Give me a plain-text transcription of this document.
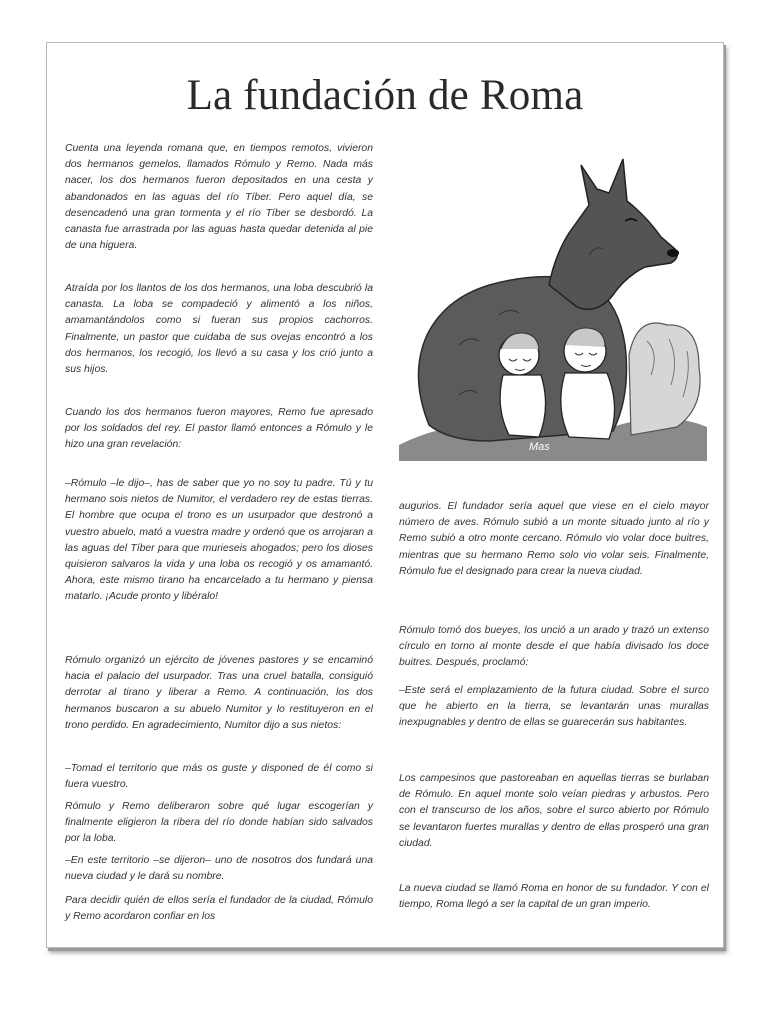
La fundación de Roma

Cuenta una leyenda romana que, en tiempos remotos, vivieron dos hermanos gemelos, llamados Rómulo y Remo. Nada más nacer, los dos hermanos fueron depositados en una cesta y abandonados en las aguas del río Tíber. Pero aquel día, se desencadenó una gran tormenta y el río Tíber se desbordó. La canasta fue arrastrada por las aguas hasta quedar detenida al pie de una higuera.

Atraída por los llantos de los dos hermanos, una loba descubrió la canasta. La loba se compadeció y alimentó a los niños, amamantándolos como si fueran sus propios cachorros. Finalmente, un pastor que cuidaba de sus ovejas encontró a los dos hermanos, los recogió, los llevó a su casa y los crió junto a sus hijos.

Cuando los dos hermanos fueron mayores, Remo fue apresado por los soldados del rey. El pastor llamó entonces a Rómulo y le hizo una gran revelación:

–Rómulo –le dijo–, has de saber que yo no soy tu padre. Tú y tu hermano sois nietos de Numitor, el verdadero rey de estas tierras. El hombre que ocupa el trono es un usurpador que destronó a vuestro abuelo, mató a vuestra madre y ordenó que os arrojaran a las aguas del Tíber para que murieseis ahogados; pero los dioses quisieron salvaros la vida y una loba os recogió y os amamantó. Ahora, este mismo tirano ha encarcelado a tu hermano y piensa matarlo. ¡Acude pronto y libéralo!

Rómulo organizó un ejército de jóvenes pastores y se encaminó hacia el palacio del usurpador. Tras una cruel batalla, consiguió derrotar al tirano y liberar a Remo. A continuación, los dos hermanos buscaron a su abuelo Numitor y lo restituyeron en el trono perdido. En agradecimiento, Numitor dijo a sus nietos:

–Tomad el territorio que más os guste y disponed de él como si fuera vuestro.

Rómulo y Remo deliberaron sobre qué lugar escogerían y finalmente eligieron la ribera del río donde habían sido salvados por la loba.

–En este territorio –se dijeron– uno de nosotros dos fundará una nueva ciudad y le dará su nombre.

Para decidir quién de ellos sería el fundador de la ciudad, Rómulo y Remo acordaron confiar en los

Mas

augurios. El fundador sería aquel que viese en el cielo mayor número de aves. Rómulo subió a un monte situado junto al río y Remo subió a otro monte cercano. Rómulo vio volar doce buitres, mientras que su hermano Remo solo vio volar seis. Finalmente, Rómulo fue el designado para crear la nueva ciudad.

Rómulo tomó dos bueyes, los unció a un arado y trazó un extenso círculo en torno al monte desde el que había divisado los doce buitres. Después, proclamó:

–Este será el emplazamiento de la futura ciudad. Sobre el surco que he abierto en la tierra, se levantarán unas murallas inexpugnables y dentro de ellas se guarecerán sus habitantes.

Los campesinos que pastoreaban en aquellas tierras se burlaban de Rómulo. En aquel monte solo veían piedras y arbustos. Pero con el transcurso de los años, sobre el surco abierto por Rómulo se levantaron fuertes murallas y dentro de ellas prosperó una gran ciudad.

La nueva ciudad se llamó Roma en honor de su fundador. Y con el tiempo, Roma llegó a ser la capital de un gran imperio.
